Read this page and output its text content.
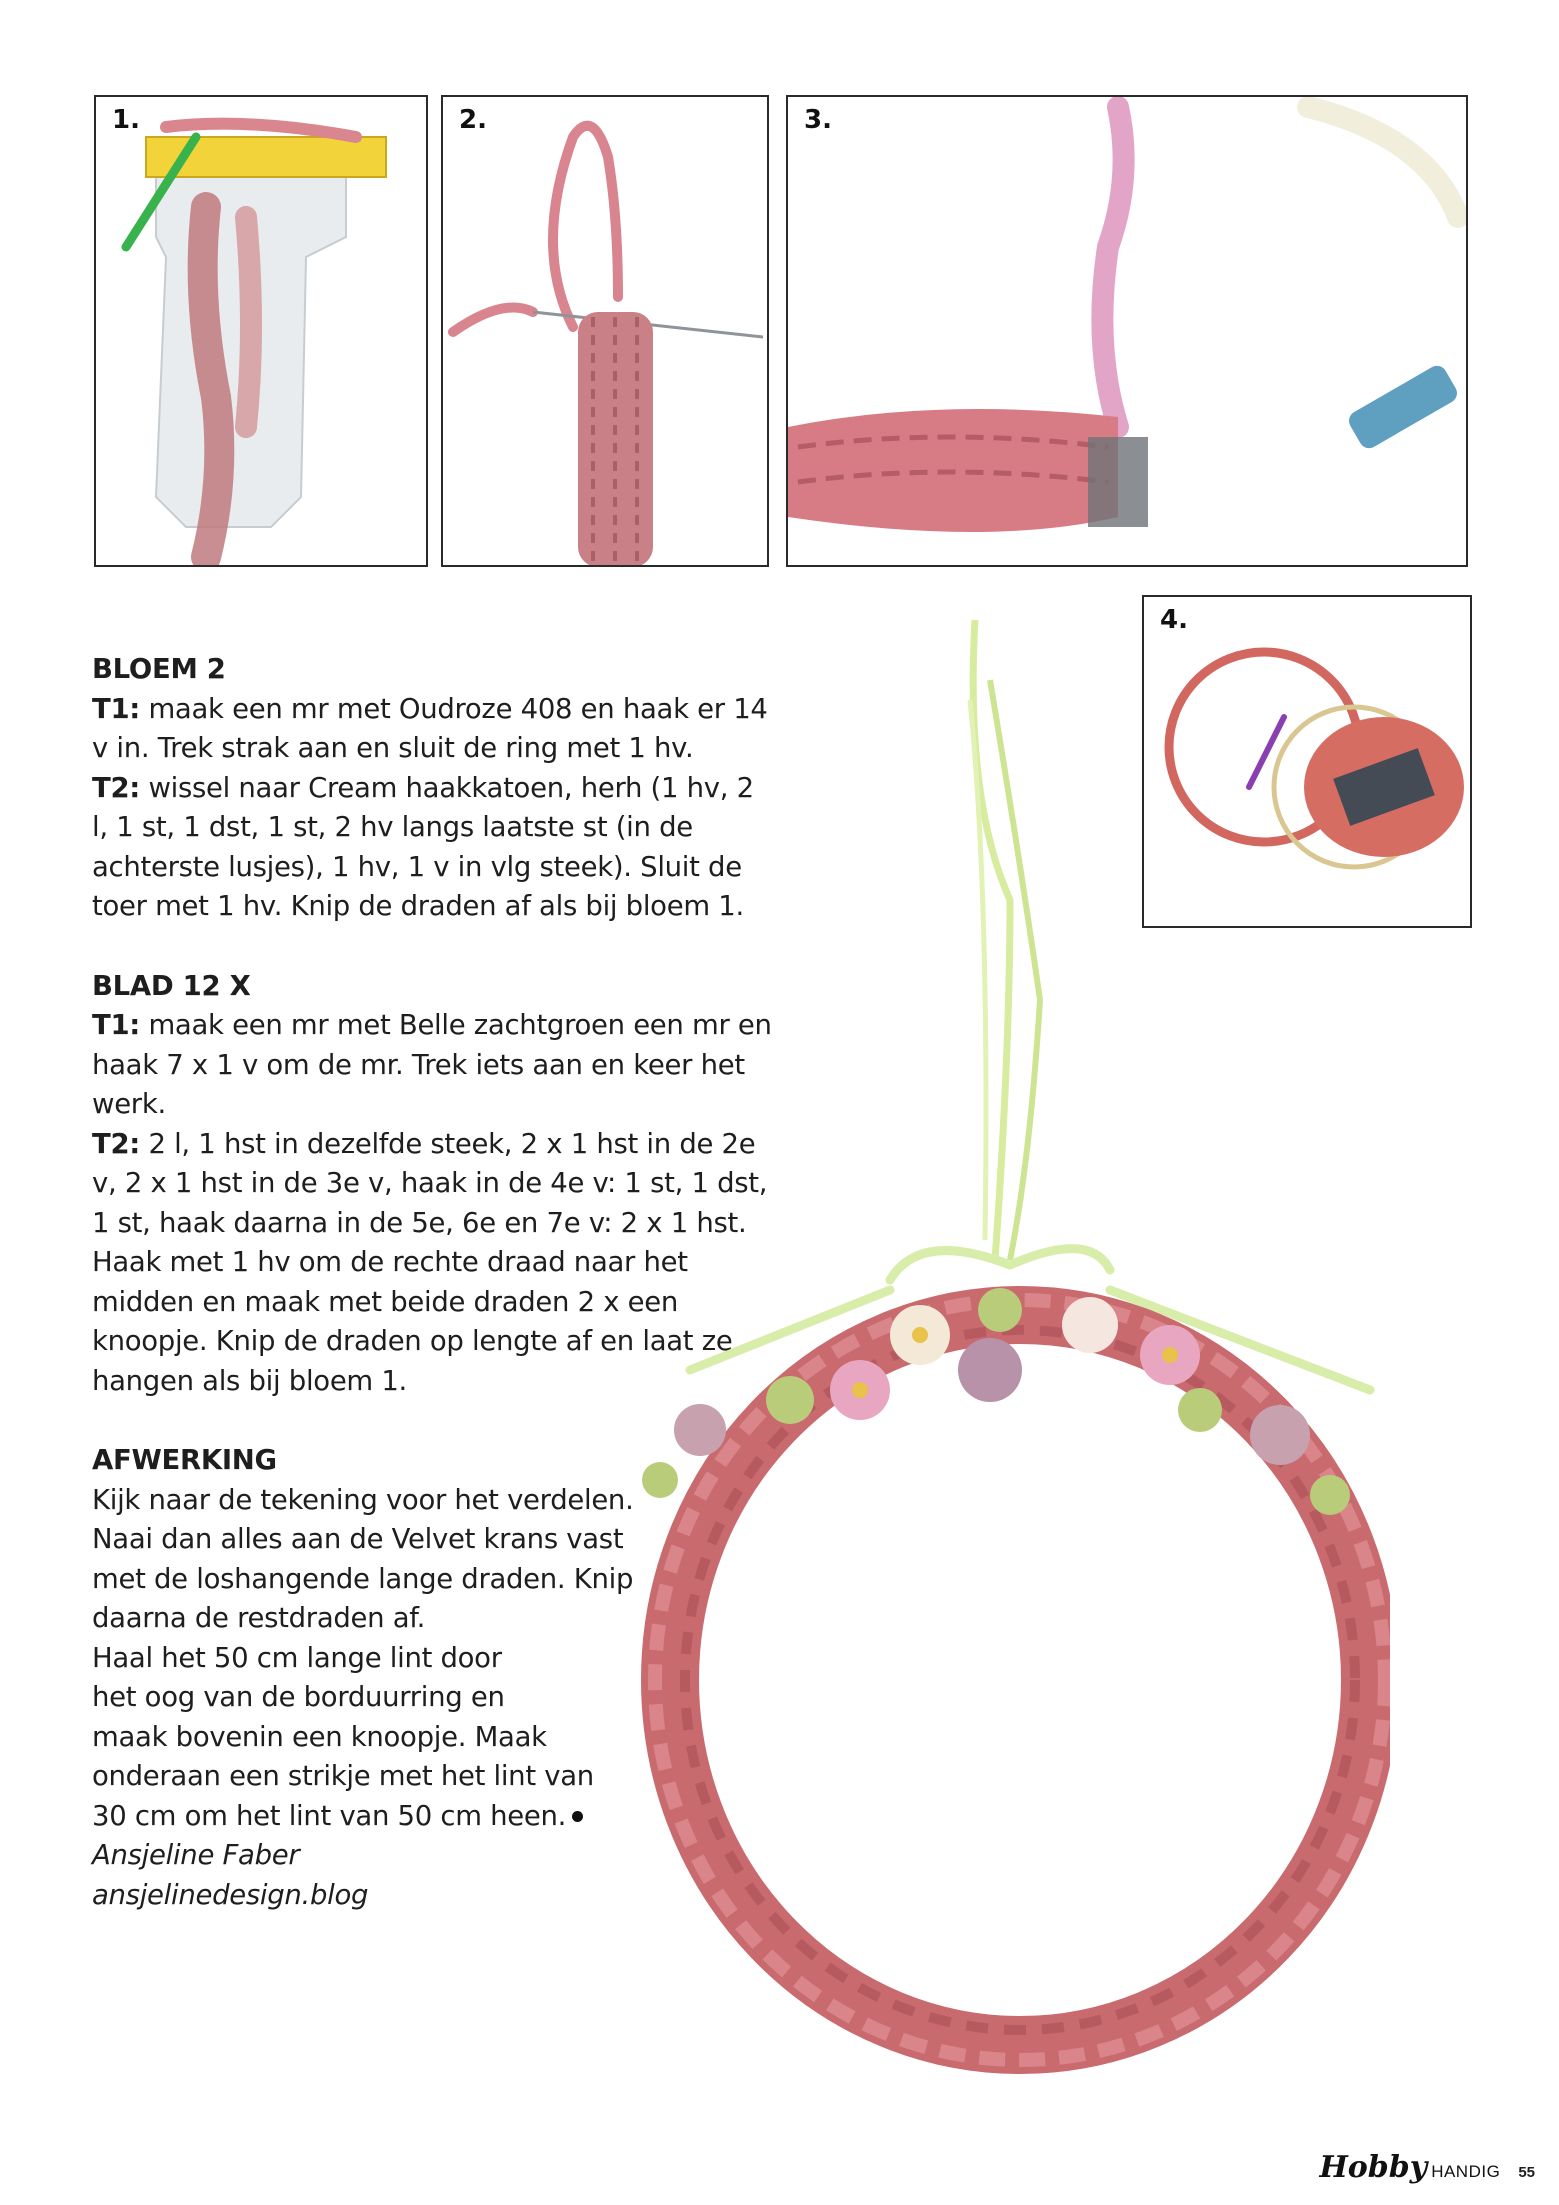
1.	2.	3.
4.

BLOEM 2

T1: maak een mr met Oudroze 408 en haak er 14 v in. Trek strak aan en sluit de ring met 1 hv.

T2: wissel naar Cream haakkatoen, herh (1 hv, 2 l, 1 st, 1 dst, 1 st, 2 hv langs laatste st (in de achterste lusjes), 1 hv, 1 v in vlg steek). Sluit de toer met 1 hv. Knip de draden af als bij bloem 1.

BLAD 12 X

T1: maak een mr met Belle zachtgroen een mr en haak 7 x 1 v om de mr. Trek iets aan en keer het werk.

T2: 2 l, 1 hst in dezelfde steek, 2 x 1 hst in de 2e v, 2 x 1 hst in de 3e v, haak in de 4e v: 1 st, 1 dst, 1 st, haak daarna in de 5e, 6e en 7e v: 2 x 1 hst. Haak met 1 hv om de rechte draad naar het midden en maak met beide draden 2 x een knoopje. Knip de draden op lengte af en laat ze hangen als bij bloem 1.

AFWERKING

Kijk naar de tekening voor het verdelen.

Naai dan alles aan de Velvet krans vast

met de loshangende lange draden. Knip

daarna de restdraden af.

Haal het 50 cm lange lint door

het oog van de borduurring en

maak bovenin een knoopje. Maak

onderaan een strikje met het lint van

30 cm om het lint van 50 cm heen.

Ansjeline Faber

ansjelinedesign.blog

Hobby HANDIG 55
